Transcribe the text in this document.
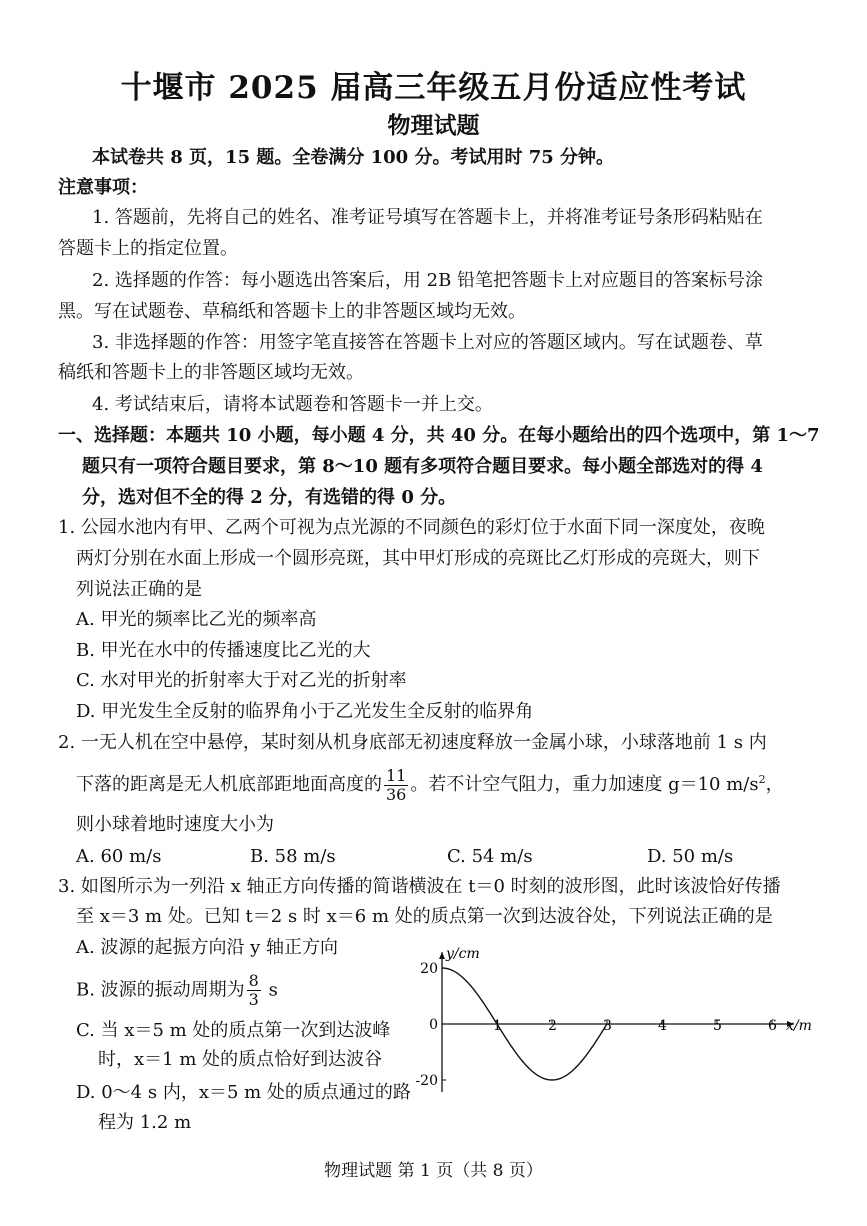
十堰市 2025 届高三年级五月份适应性考试
物理试题
本试卷共 8 页，15 题。全卷满分 100 分。考试用时 75 分钟。
注意事项：
1. 答题前，先将自己的姓名、准考证号填写在答题卡上，并将准考证号条形码粘贴在
答题卡上的指定位置。
2. 选择题的作答：每小题选出答案后，用 2B 铅笔把答题卡上对应题目的答案标号涂
黑。写在试题卷、草稿纸和答题卡上的非答题区域均无效。
3. 非选择题的作答：用签字笔直接答在答题卡上对应的答题区域内。写在试题卷、草
稿纸和答题卡上的非答题区域均无效。
4. 考试结束后，请将本试题卷和答题卡一并上交。
一、选择题：本题共 10 小题，每小题 4 分，共 40 分。在每小题给出的四个选项中，第 1～7
题只有一项符合题目要求，第 8～10 题有多项符合题目要求。每小题全部选对的得 4
分，选对但不全的得 2 分，有选错的得 0 分。
1. 公园水池内有甲、乙两个可视为点光源的不同颜色的彩灯位于水面下同一深度处，夜晚
两灯分别在水面上形成一个圆形亮斑，其中甲灯形成的亮斑比乙灯形成的亮斑大，则下
列说法正确的是
A. 甲光的频率比乙光的频率高
B. 甲光在水中的传播速度比乙光的大
C. 水对甲光的折射率大于对乙光的折射率
D. 甲光发生全反射的临界角小于乙光发生全反射的临界角
2. 一无人机在空中悬停，某时刻从机身底部无初速度释放一金属小球，小球落地前 1 s 内
下落的距离是无人机底部距地面高度的 $\frac{11}{36}$ 。若不计空气阻力，重力加速度 g＝10 $m/s^2$，
则小球着地时速度大小为
A. 60 m/s	B. 58 m/s	C. 54 m/s	D. 50 m/s
3. 如图所示为一列沿 x 轴正方向传播的简谐横波在 t＝0 时刻的波形图，此时该波恰好传播
至 x＝3 m 处。已知 t＝2 s 时 x＝6 m 处的质点第一次到达波谷处，下列说法正确的是
A. 波源的起振方向沿 y 轴正方向
B. 波源的振动周期为 $\frac{8}{3}$ s
C. 当 x＝5 m 处的质点第一次到达波峰
时，x＝1 m 处的质点恰好到达波谷
D. 0～4 s 内，x＝5 m 处的质点通过的路
程为 1.2 m
x/m
y/cm
1	2	3	4	5	6
20
0
-20
物理试题 第 1 页（共 8 页）
